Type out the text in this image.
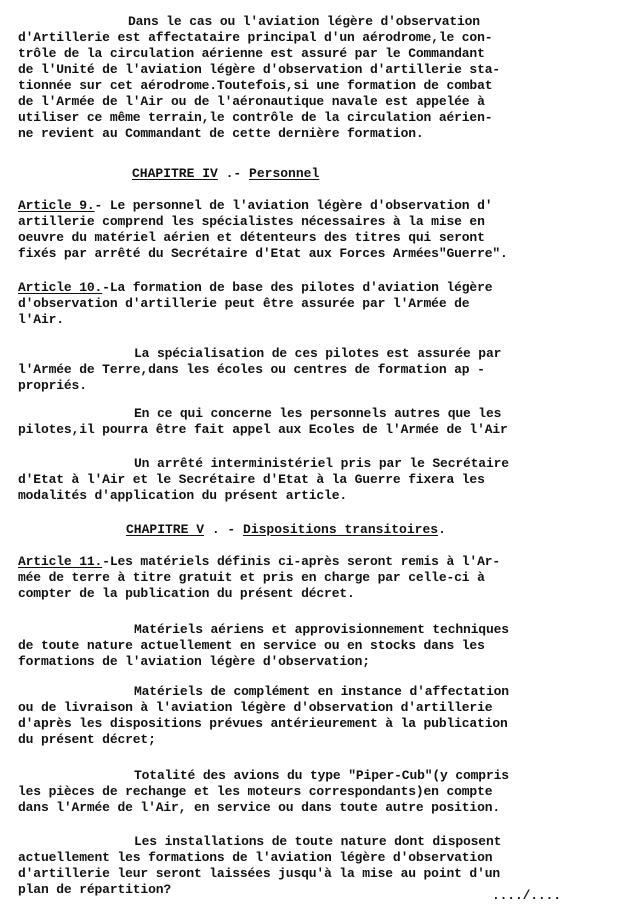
Dans le cas ou l'aviation légère d'observation
d'Artillerie est affectataire principal d'un aérodrome,le con-
trôle de la circulation aérienne est assuré par le Commandant
de l'Unité de l'aviation légère d'observation d'artillerie sta-
tionnée sur cet aérodrome.Toutefois,si une formation de combat
de l'Armée de l'Air ou de l'aéronautique navale est appelée à
utiliser ce même terrain,le contrôle de la circulation aérien-
ne revient au Commandant de cette dernière formation.
CHAPITRE IV .- Personnel
Article 9.- Le personnel de l'aviation légère d'observation d'
artillerie comprend les spécialistes nécessaires à la mise en
oeuvre du matériel aérien et détenteurs des titres qui seront
fixés par arrêté du Secrétaire d'Etat aux Forces Armées"Guerre".
Article 10.-La formation de base des pilotes d'aviation légère
d'observation d'artillerie peut être assurée par l'Armée de
l'Air.
La spécialisation de ces pilotes est assurée par
l'Armée de Terre,dans les écoles ou centres de formation ap -
propriés.
En ce qui concerne les personnels autres que les
pilotes,il pourra être fait appel aux Ecoles de l'Armée de l'Air
Un arrêté interministériel pris par le Secrétaire
d'Etat à l'Air et le Secrétaire d'Etat à la Guerre fixera les
modalités d'application du présent article.
CHAPITRE V . - Dispositions transitoires.
Article 11.-Les matériels définis ci-après seront remis à l'Ar-
mée de terre à titre gratuit et pris en charge par celle-ci à
compter de la publication du présent décret.
Matériels aériens et approvisionnement techniques
de toute nature actuellement en service ou en stocks dans les
formations de l'aviation légère d'observation;
Matériels de complément en instance d'affectation
ou de livraison à l'aviation légère d'observation d'artillerie
d'après les dispositions prévues antérieurement à la publication
du présent décret;
Totalité des avions du type "Piper-Cub"(y compris
les pièces de rechange et les moteurs correspondants)en compte
dans l'Armée de l'Air, en service ou dans toute autre position.
Les installations de toute nature dont disposent
actuellement les formations de l'aviation légère d'observation
d'artillerie leur seront laissées jusqu'à la mise au point d'un
plan de répartition?	..../....
